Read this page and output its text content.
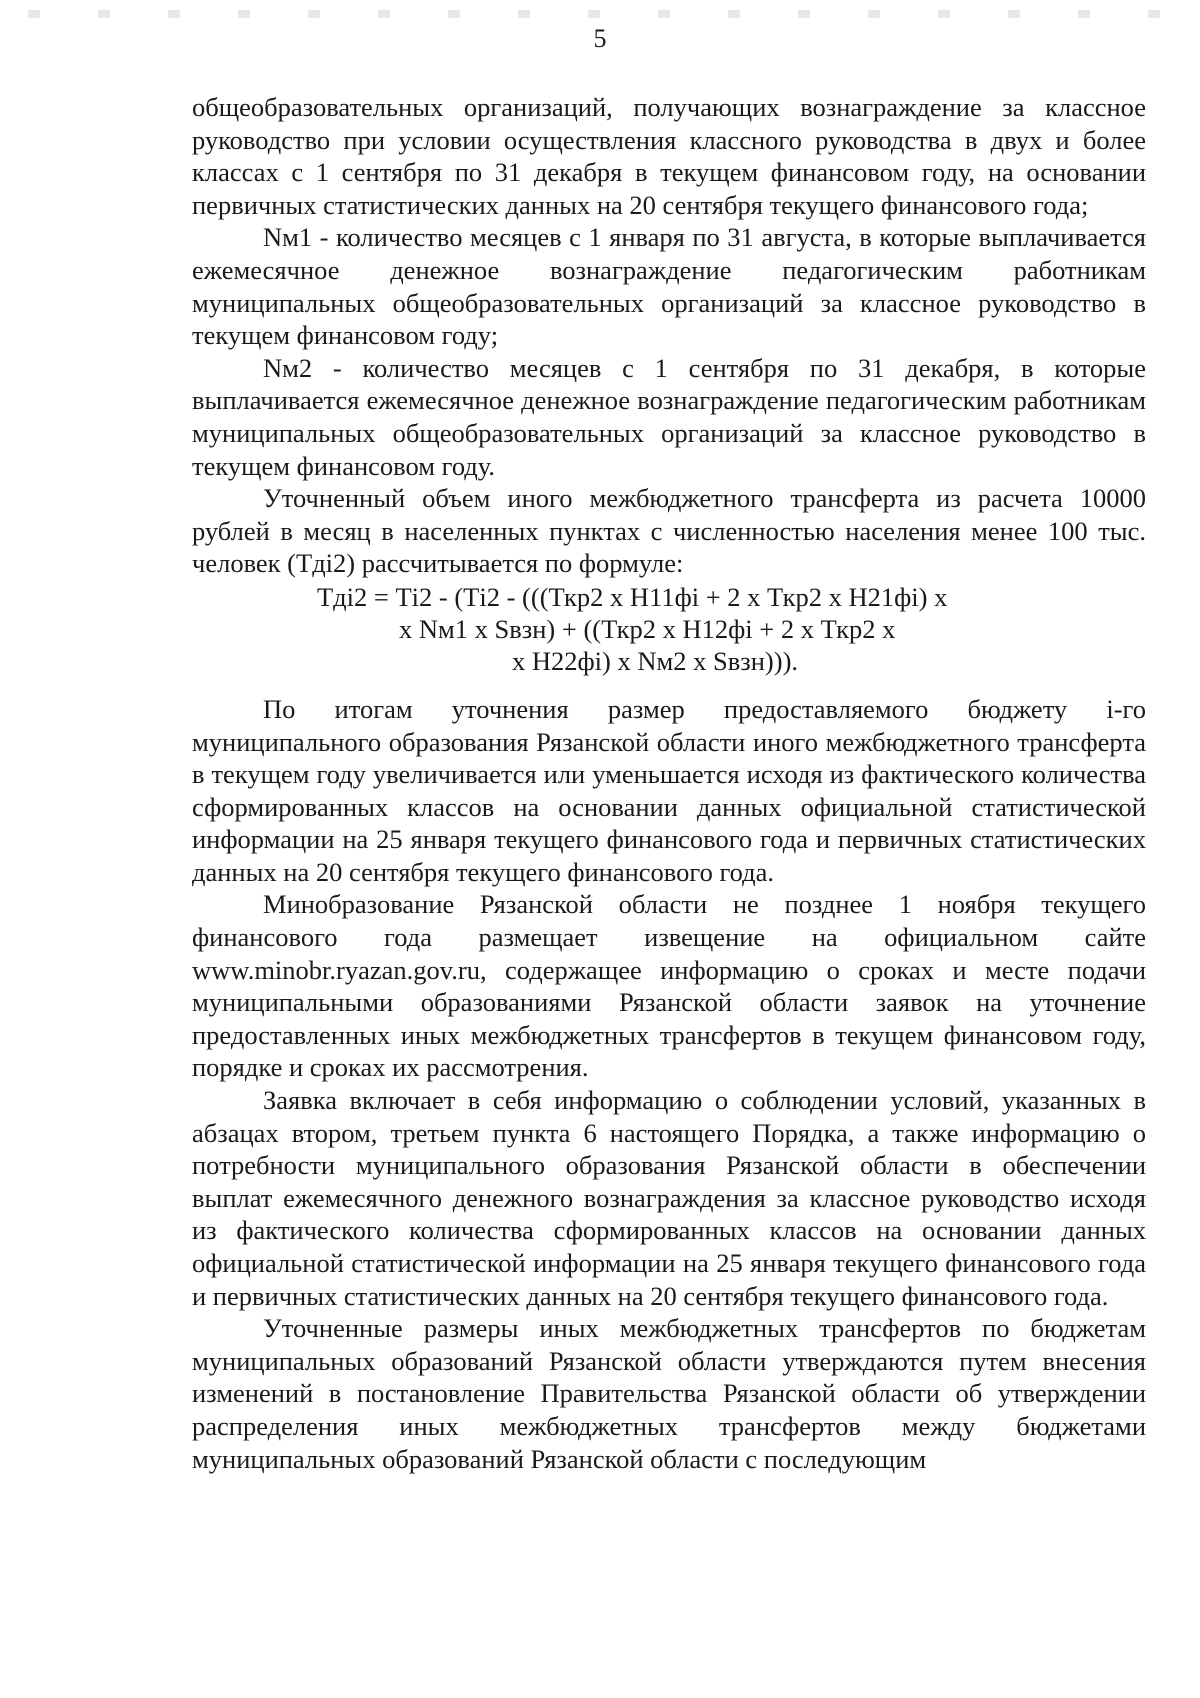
5

общеобразовательных организаций, получающих вознаграждение за классное руководство при условии осуществления классного руководства в двух и более классах с 1 сентября по 31 декабря в текущем финансовом году, на основании первичных статистических данных на 20 сентября текущего финансового года;

Nм1 - количество месяцев с 1 января по 31 августа, в которые выплачивается ежемесячное денежное вознаграждение педагогическим работникам муниципальных общеобразовательных организаций за классное руководство в текущем финансовом году;

Nм2 - количество месяцев с 1 сентября по 31 декабря, в которые выплачивается ежемесячное денежное вознаграждение педагогическим работникам муниципальных общеобразовательных организаций за классное руководство в текущем финансовом году.

Уточненный объем иного межбюджетного трансферта из расчета 10000 рублей в месяц в населенных пунктах с численностью населения менее 100 тыс. человек (Тді2) рассчитывается по формуле:

Тді2 = Ті2 - (Ті2 - (((Ткр2 х Н11фі + 2 х Ткр2 х Н21фі) х
х Nм1 х Sвзн) + ((Ткр2 х Н12фі + 2 х Ткр2 х
х Н22фі) х Nм2 х Sвзн))).

По итогам уточнения размер предоставляемого бюджету і-го муниципального образования Рязанской области иного межбюджетного трансферта в текущем году увеличивается или уменьшается исходя из фактического количества сформированных классов на основании данных официальной статистической информации на 25 января текущего финансового года и первичных статистических данных на 20 сентября текущего финансового года.

Минобразование Рязанской области не позднее 1 ноября текущего финансового года размещает извещение на официальном сайте www.minobr.ryazan.gov.ru, содержащее информацию о сроках и месте подачи муниципальными образованиями Рязанской области заявок на уточнение предоставленных иных межбюджетных трансфертов в текущем финансовом году, порядке и сроках их рассмотрения.

Заявка включает в себя информацию о соблюдении условий, указанных в абзацах втором, третьем пункта 6 настоящего Порядка, а также информацию о потребности муниципального образования Рязанской области в обеспечении выплат ежемесячного денежного вознаграждения за классное руководство исходя из фактического количества сформированных классов на основании данных официальной статистической информации на 25 января текущего финансового года и первичных статистических данных на 20 сентября текущего финансового года.

Уточненные размеры иных межбюджетных трансфертов по бюджетам муниципальных образований Рязанской области утверждаются путем внесения изменений в постановление Правительства Рязанской области об утверждении распределения иных межбюджетных трансфертов между бюджетами муниципальных образований Рязанской области с последующим
